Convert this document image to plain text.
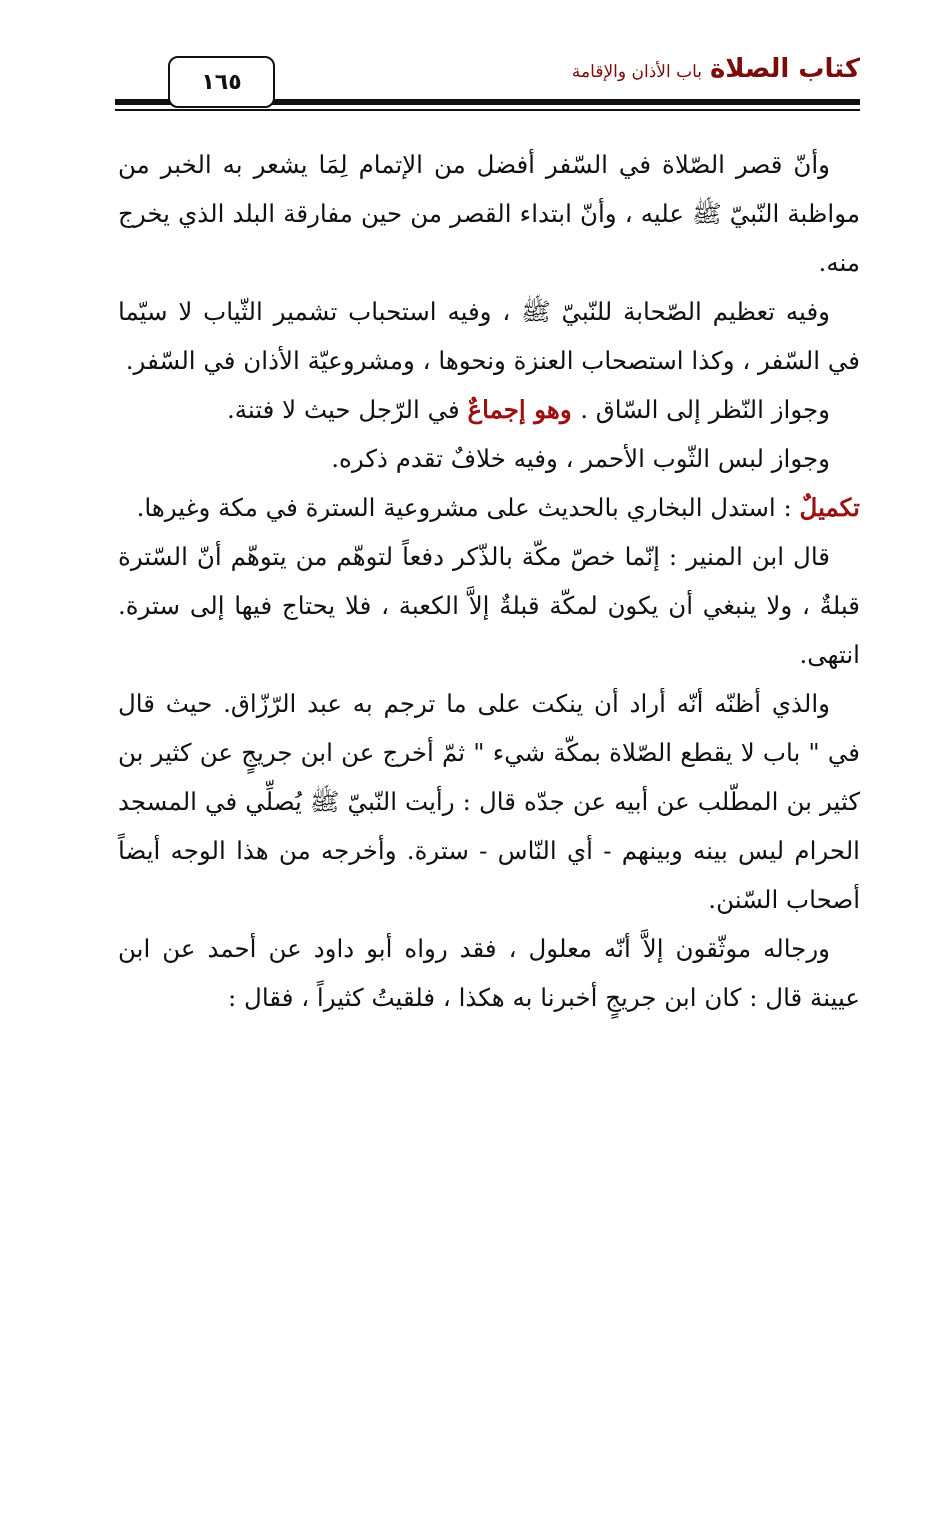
كتاب الصلاة
باب الأذان والإقامة
١٦٥

وأنّ قصر الصّلاة في السّفر أفضل من الإتمام لِمَا يشعر به الخبر من مواظبة النّبيّ ﷺ عليه ، وأنّ ابتداء القصر من حين مفارقة البلد الذي يخرج منه.

وفيه تعظيم الصّحابة للنّبيّ ﷺ ، وفيه استحباب تشمير الثّياب لا سيّما في السّفر ، وكذا استصحاب العنزة ونحوها ، ومشروعيّة الأذان في السّفر.

وجواز النّظر إلى السّاق . وهو إجماعٌ في الرّجل حيث لا فتنة.

وجواز لبس الثّوب الأحمر ، وفيه خلافٌ تقدم ذكره.

تكميلٌ : استدل البخاري بالحديث على مشروعية السترة في مكة وغيرها.

قال ابن المنير : إنّما خصّ مكّة بالذّكر دفعاً لتوهّم من يتوهّم أنّ السّترة قبلةٌ ، ولا ينبغي أن يكون لمكّة قبلةٌ إلاَّ الكعبة ، فلا يحتاج فيها إلى سترة. انتهى.

والذي أظنّه أنّه أراد أن ينكت على ما ترجم به عبد الرّزّاق. حيث قال في " باب لا يقطع الصّلاة بمكّة شيء " ثمّ أخرج عن ابن جريجٍ عن كثير بن كثير بن المطّلب عن أبيه عن جدّه قال : رأيت النّبيّ ﷺ يُصلِّي في المسجد الحرام ليس بينه وبينهم - أي النّاس - سترة. وأخرجه من هذا الوجه أيضاً أصحاب السّنن.

ورجاله موثّقون إلاَّ أنّه معلول ، فقد رواه أبو داود عن أحمد عن ابن عيينة قال : كان ابن جريجٍ أخبرنا به هكذا ، فلقيتُ كثيراً ، فقال :
